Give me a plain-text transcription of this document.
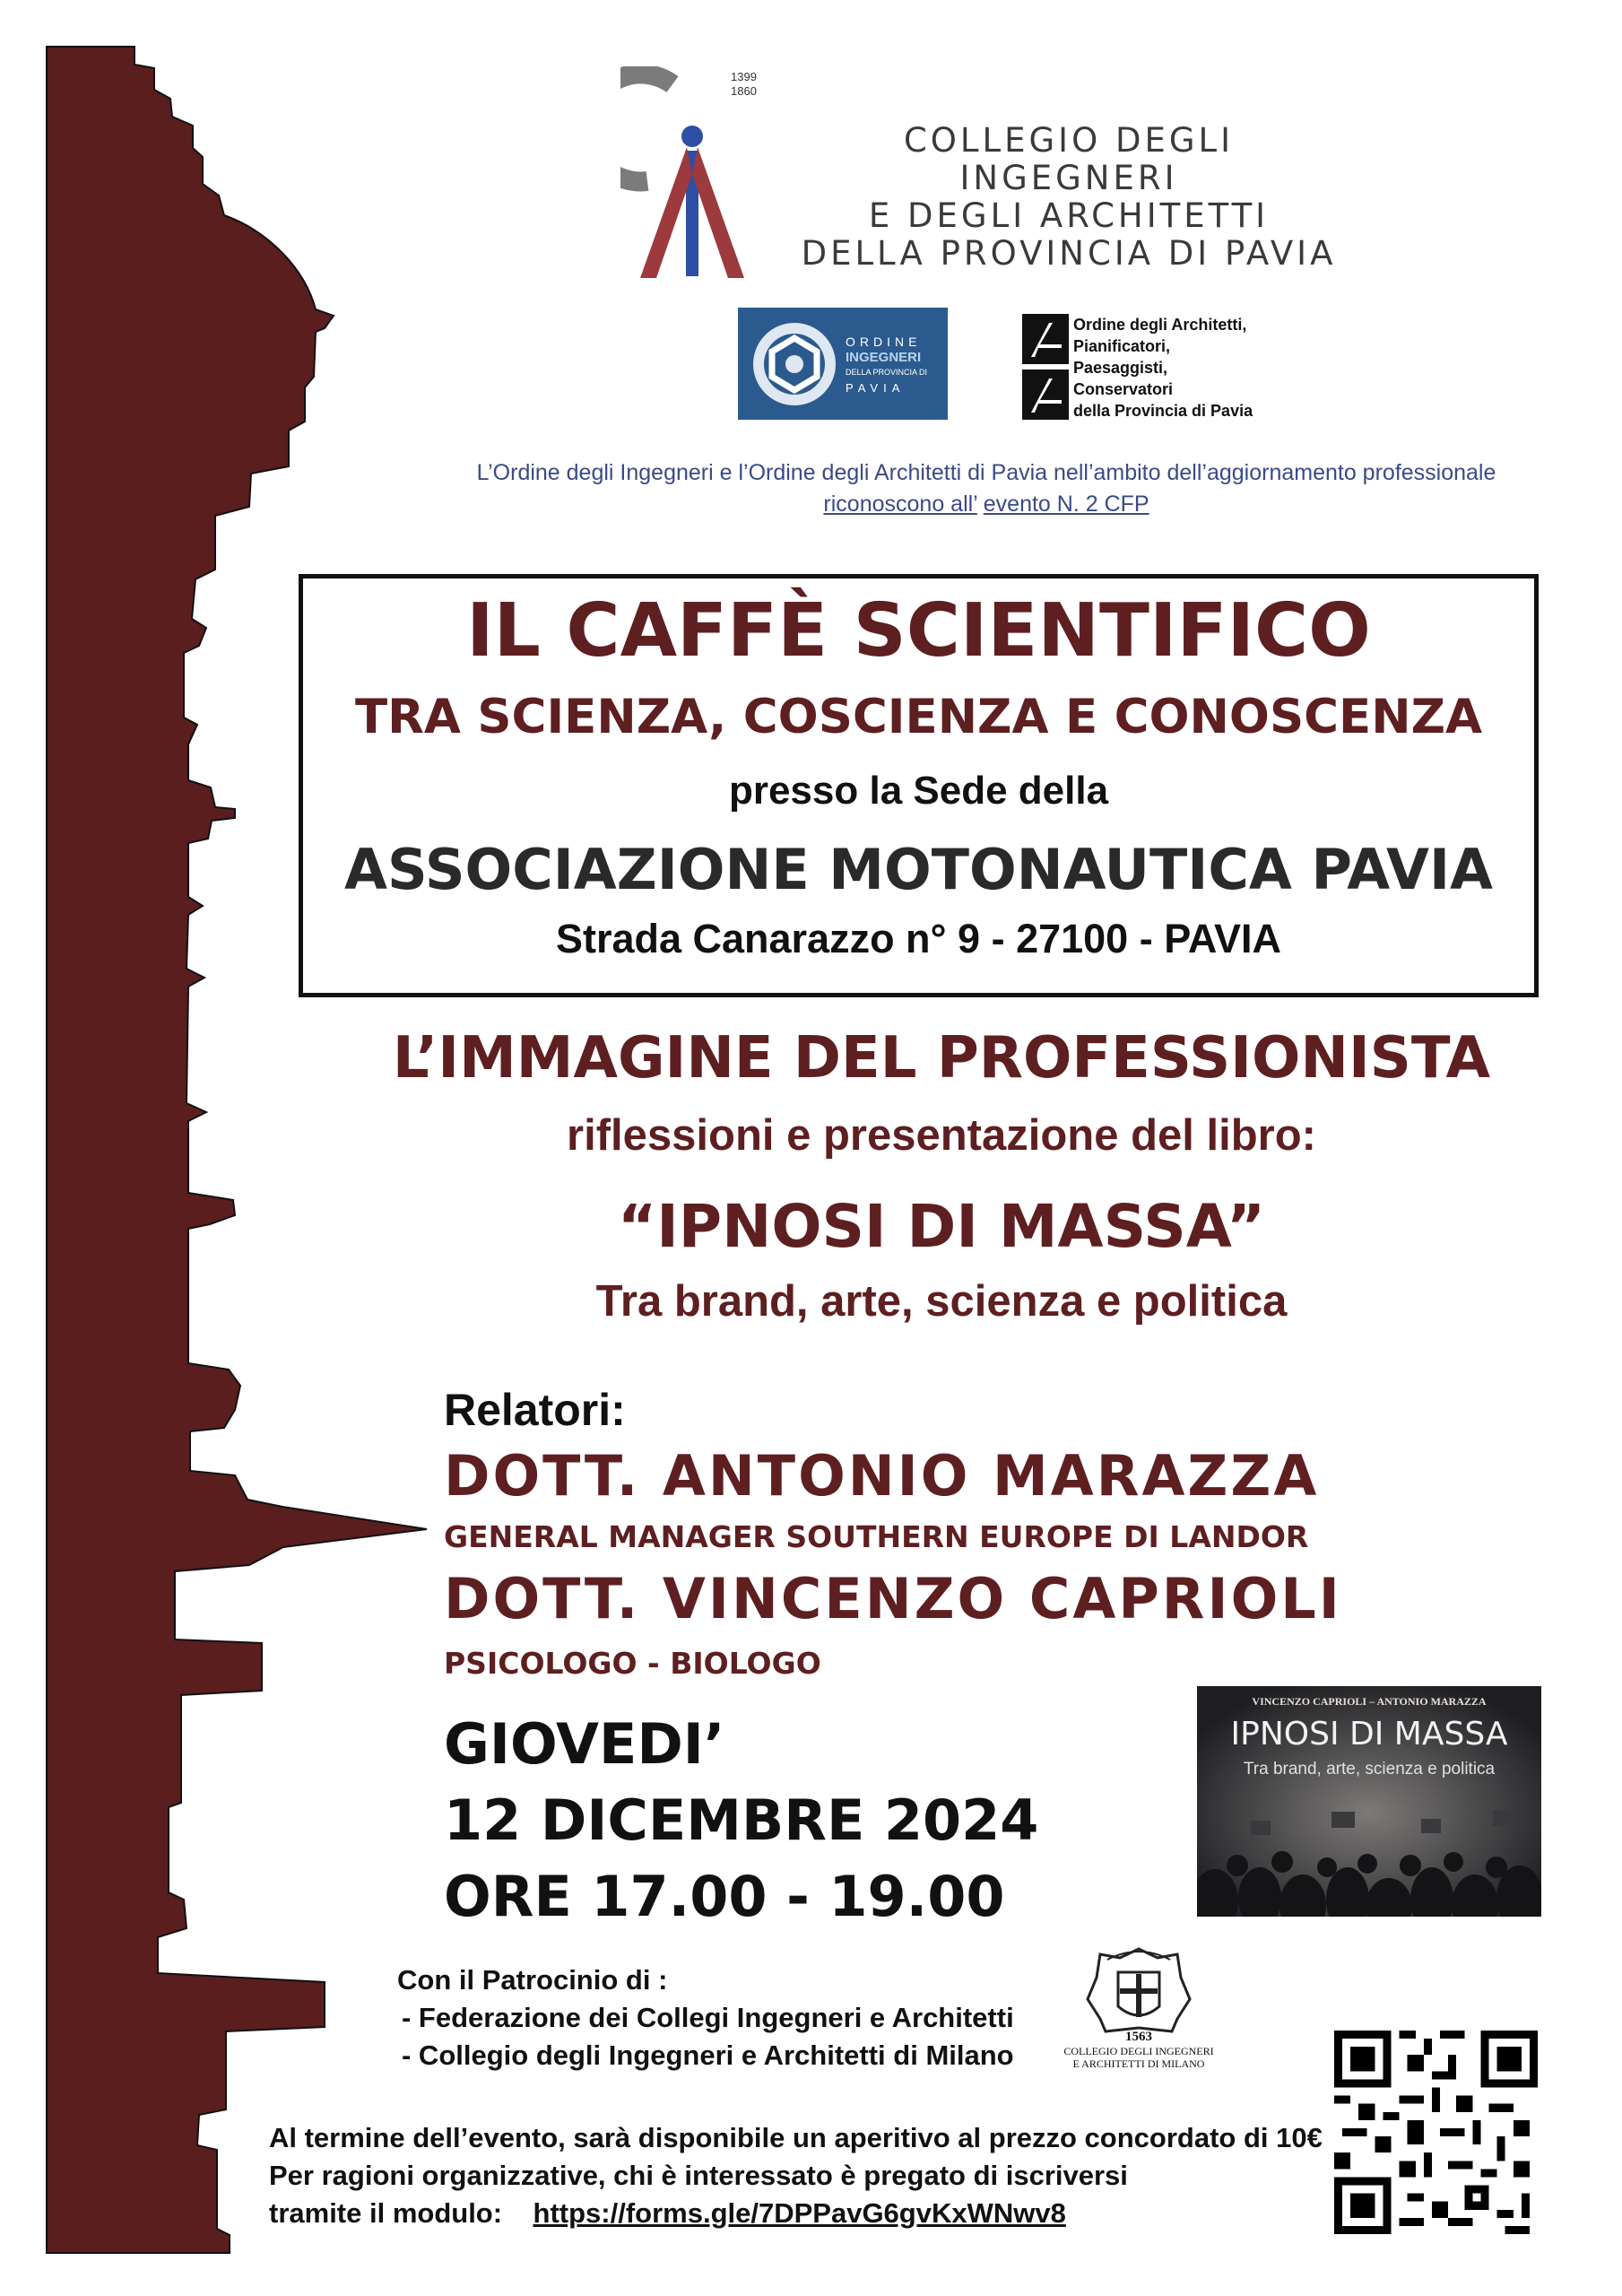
1399
1860
COLLEGIO DEGLI INGEGNERI
E DEGLI ARCHITETTI
DELLA PROVINCIA DI PAVIA
ORDINE
INGEGNERI
DELLA PROVINCIA DI
PAVIA
Ordine degli Architetti,
Pianificatori,
Paesaggisti,
Conservatori
della Provincia di Pavia
L’Ordine degli Ingegneri e l’Ordine degli Architetti di Pavia nell’ambito dell’aggiornamento professionale
riconoscono all’ evento N. 2 CFP
IL CAFFÈ SCIENTIFICO
TRA SCIENZA, COSCIENZA E CONOSCENZA
presso la Sede della
ASSOCIAZIONE MOTONAUTICA PAVIA
Strada Canarazzo n° 9 - 27100 - PAVIA
L’IMMAGINE DEL PROFESSIONISTA
riflessioni e presentazione del libro:
“IPNOSI DI MASSA”
Tra brand, arte, scienza e politica
Relatori:
DOTT. ANTONIO MARAZZA
GENERAL MANAGER SOUTHERN EUROPE DI LANDOR
DOTT. VINCENZO CAPRIOLI
PSICOLOGO - BIOLOGO
GIOVEDI’
12 DICEMBRE 2024
ORE 17.00 - 19.00
VINCENZO CAPRIOLI – ANTONIO MARAZZA
IPNOSI DI MASSA
Tra brand, arte, scienza e politica
Con il Patrocinio di :
- Federazione dei Collegi Ingegneri e Architetti
- Collegio degli Ingegneri e Architetti di Milano
1563
COLLEGIO DEGLI INGEGNERI
E ARCHITETTI DI MILANO
Al termine dell’evento, sarà disponibile un aperitivo al prezzo concordato di 10€
Per ragioni organizzative, chi è interessato è pregato di iscriversi
tramite il modulo: https://forms.gle/7DPPavG6gvKxWNwv8
